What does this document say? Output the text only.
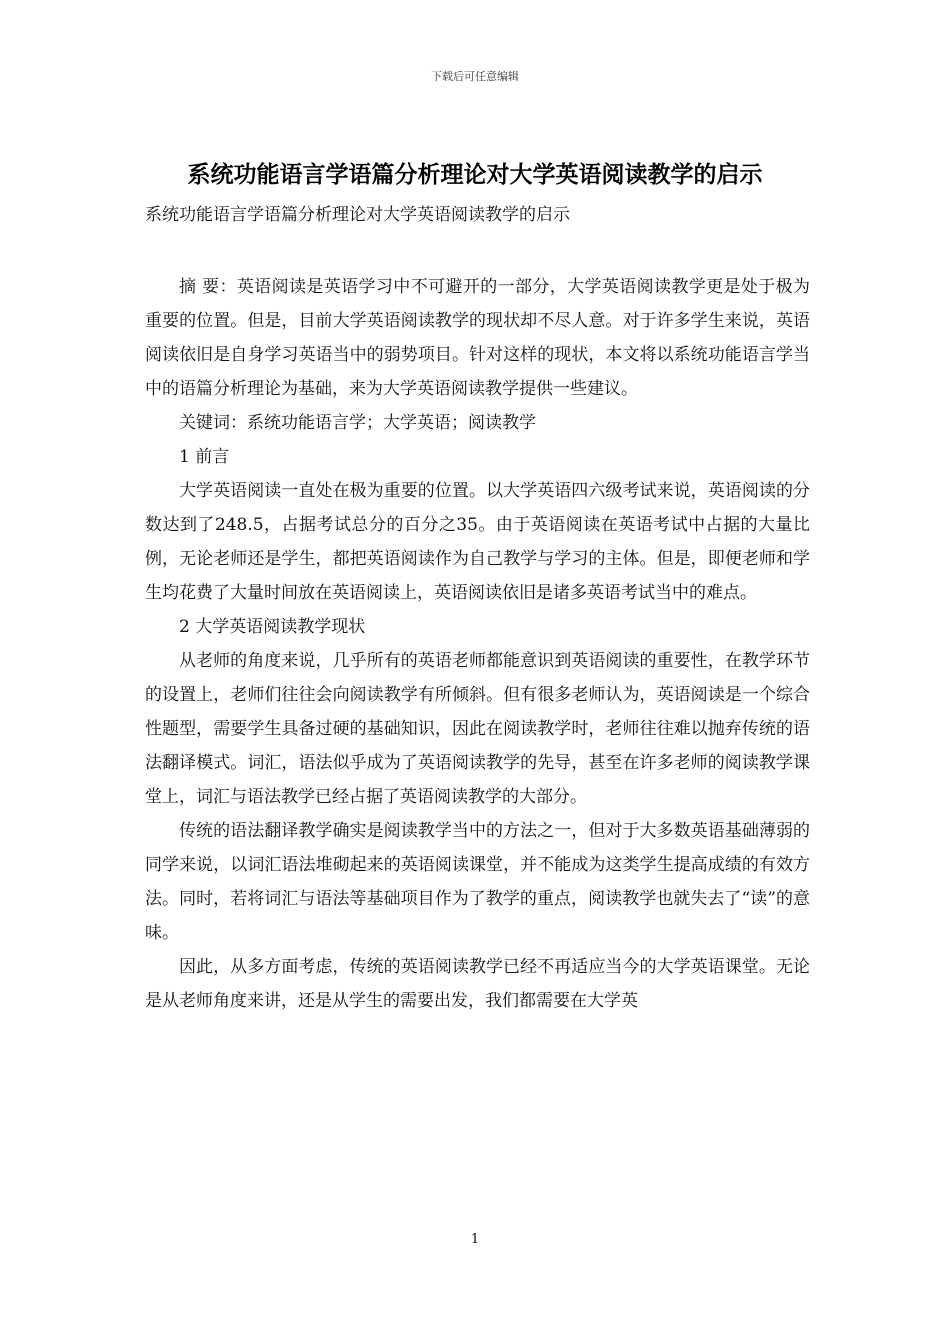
下载后可任意编辑
系统功能语言学语篇分析理论对大学英语阅读教学的启示

系统功能语言学语篇分析理论对大学英语阅读教学的启示

摘 要：英语阅读是英语学习中不可避开的一部分，大学英语阅读教学更是处于极为重要的位置。但是，目前大学英语阅读教学的现状却不尽人意。对于许多学生来说，英语阅读依旧是自身学习英语当中的弱势项目。针对这样的现状，本文将以系统功能语言学当中的语篇分析理论为基础，来为大学英语阅读教学提供一些建议。

关键词：系统功能语言学；大学英语；阅读教学

1 前言

大学英语阅读一直处在极为重要的位置。以大学英语四六级考试来说，英语阅读的分数达到了248.5，占据考试总分的百分之35。由于英语阅读在英语考试中占据的大量比例，无论老师还是学生，都把英语阅读作为自己教学与学习的主体。但是，即便老师和学生均花费了大量时间放在英语阅读上，英语阅读依旧是诸多英语考试当中的难点。

2 大学英语阅读教学现状

从老师的角度来说，几乎所有的英语老师都能意识到英语阅读的重要性，在教学环节的设置上，老师们往往会向阅读教学有所倾斜。但有很多老师认为，英语阅读是一个综合性题型，需要学生具备过硬的基础知识，因此在阅读教学时，老师往往难以抛弃传统的语法翻译模式。词汇，语法似乎成为了英语阅读教学的先导，甚至在许多老师的阅读教学课堂上，词汇与语法教学已经占据了英语阅读教学的大部分。

传统的语法翻译教学确实是阅读教学当中的方法之一，但对于大多数英语基础薄弱的同学来说，以词汇语法堆砌起来的英语阅读课堂，并不能成为这类学生提高成绩的有效方法。同时，若将词汇与语法等基础项目作为了教学的重点，阅读教学也就失去了“读”的意味。

因此，从多方面考虑，传统的英语阅读教学已经不再适应当今的大学英语课堂。无论是从老师角度来讲，还是从学生的需要出发，我们都需要在大学英

1
